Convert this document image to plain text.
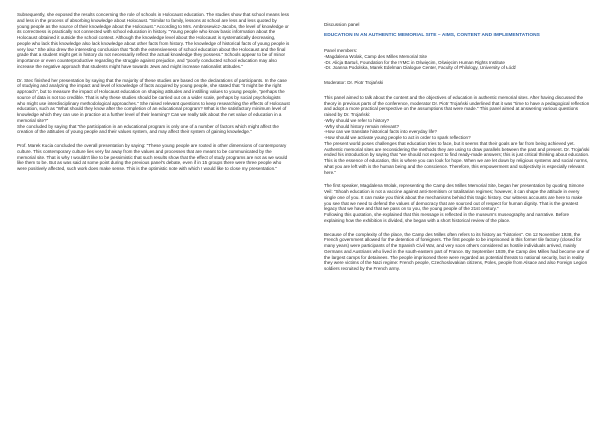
Subsequently, she exposed the results concerning the role of schools in Holocaust education. The studies show that school means less and less in the process of absorbing knowledge about Holocaust. "Similar to family, lessons at school are less and less quoted by young people as the source of their knowledge about the Holocaust." According to Mrs. Ambrosewicz-Jacobs, the level of knowledge or its correctness is practically not connected with school education in history. "Young people who know basic information about the Holocaust obtained it outside the school context. Although the knowledge level about the Holocaust is systematically decreasing, people who lack this knowledge also lack knowledge about other facts from history. The knowledge of historical facts of young people is very low." She also drew the interesting conclusion that "both the extensiveness of school education about the Holocaust and the final grade that a student might get in history do not necessarily reflect the actual knowledge they possess." Schools appear to be of minor importance or even counterproductive regarding the struggle against prejudice, and "poorly conducted school education may also increase the negative approach that students might have towards Jews and might increase nationalist attitudes."

Dr. Stec finished her presentation by saying that the majority of these studies are based on the declarations of participants. In the case of studying and analyzing the impact and level of knowledge of facts acquired by young people, she stated that "it might be the right approach", but to measure the impact of Holocaust education on shaping attitudes and instilling values to young people, "perhaps the source of data is not too credible. That is why these studies should be carried out on a wider scale, perhaps by social psychologists who might use interdisciplinary methodological approaches." She raised relevant questions to keep researching the effects of Holocaust education, such as "What should they know after the completion of an educational program? What is the satisfactory minimum level of knowledge which they can use in practice at a further level of their learning? Can we really talk about the net value of education in a memorial site?"
She concluded by saying that "the participation in an educational program is only one of a number of factors which might affect the creation of the attitudes of young people and their values system, and may affect their system of gaining knowledge."

Prof. Marek Kucia concluded the overall presentation by saying: "These young people are rooted in other dimensions of contemporary culture. This contemporary culture lies very far away from the values and processes that are meant to be communicated by the memorial site. That is why I wouldn't like to be pessimistic that such results show that the effect of study programs are not as we would like them to be. But as was said at some point during the previous panel's debate, even if in 15 groups there were three people who were positively affected, such work does make sense. This is the optimistic note with which I would like to close my presentation."

Discussion panel

EDUCATION IN AN AUTHENTIC MEMORIAL SITE – AIMS, CONTENT AND IMPLEMENTATIONS

Panel members:
-Magdalena Wolak, Camp des Milles Memorial Site
-Dr. Alicja Bartuś, Foundation for the IYMC in Oświęcim, Oświęcim Human Rights Institute
-Dr. Joanna Podolska, Marek Edelman Dialogue Center, Faculty of Philology, University of Łódź

Moderator: Dr. Piotr Trojański

This panel aimed to talk about the content and the objectives of education in authentic memorial sites. After having discussed the theory in previous parts of the conference, moderator Dr. Piotr Trojański underlined that it was "time to have a pedagogical reflection and adopt a more practical perspective on the assumptions that were made." This panel aimed at answering various questions raised by Dr. Trojański:
-Why should we refer to history?
-Why should history remain relevant?
-How can we translate historical facts into everyday life?
-How should we activate young people to act in order to spark reflection?
The present world poses challenges that education tries to face, but it seems that their goals are far from being achieved yet. Authentic memorial sites are reconsidering the methods they are using to draw parallels between the past and present. Dr. Trojański ended his introduction by saying that "we should not expect to find ready-made answers; this is just critical thinking about education. This is the essence of education, this is where you can look for hope. When we are let down by religious systems and social norms, what you are left with is the human being and the conscience. Therefore, this empowerment and subjectivity is especially relevant here."

The first speaker, Magdalena Wolak, representing the Camp des Milles Memorial Site, began her presentation by quoting Simone Veil: "Shoah education is not a vaccine against anti-Semitism or totalitarian regimes; however, it can shape the attitude in every single one of you. It can make you think about the mechanisms behind this tragic history. Our witness accounts are here to make you see that we need to defend the values of democracy that are sourced out of respect for human dignity. That is the greatest legacy that we have and that we pass on to you, the young people of the 21st century."
Following this quotation, she explained that this message is reflected in the museum's museography and narrative. Before explaining how the exhibition is divided, she began with a short historical review of the place.

Because of the complexity of the place, the Camp des Milles often refers to its history as "histories". On 12 November 1938, the French government allowed for the detention of foreigners. The first people to be imprisoned in this former tile factory (closed for many years) were participants of the Spanish Civil War, and very soon others considered as hostile individuals arrived, mainly Germans and Austrians who lived in the south-eastern part of France. By September 1939, the Camp des Milles had become one of the largest camps for detainees. The people imprisoned there were regarded as potential threats to national security, but in reality they were victims of the Nazi regime: French people, Czechoslovakian citizens, Poles, people from Alsace and also Foreign Legion soldiers recruited by the French army.
